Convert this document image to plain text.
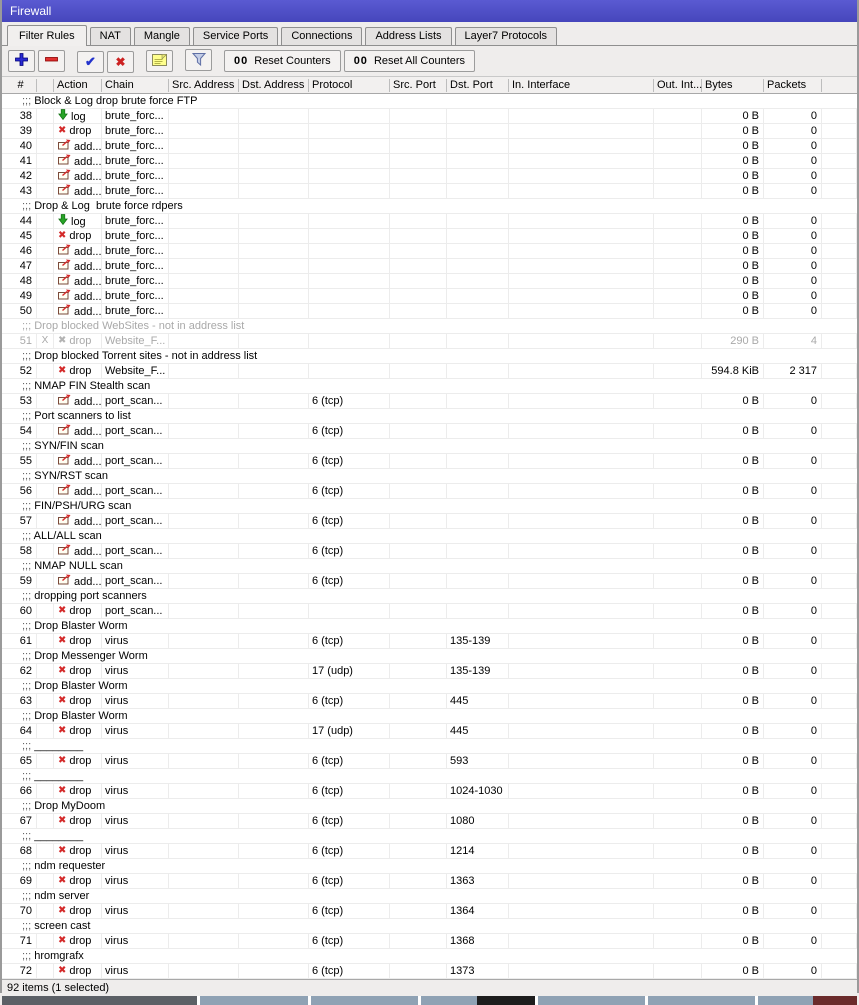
Firewall
Filter Rules	NAT	Mangle	Service Ports	Connections	Address Lists	Layer7 Protocols
✔ ✖	00 Reset Counters 00 Reset All Counters
#	Action	Chain	Src. Address Dst. Address Protocol	Src. Port	Dst. Port	In. Interface	Out. Int... Bytes	Packets
;;; Block & Log drop brute force FTP
38	log brute_forc...	0 B	0
39	✖ drop brute_forc...	0 B	0
40	add... brute_forc...	0 B	0
41	add... brute_forc...	0 B	0
42	add... brute_forc...	0 B	0
43	add... brute_forc...	0 B	0
;;; Drop & Log  brute force rdpers
44	log brute_forc...	0 B	0
45	✖ drop brute_forc...	0 B	0
46	add... brute_forc...	0 B	0
47	add... brute_forc...	0 B	0
48	add... brute_forc...	0 B	0
49	add... brute_forc...	0 B	0
50	add... brute_forc...	0 B	0
;;; Drop blocked WebSites - not in address list
51 X ✖ drop Website_F...	290 B	4
;;; Drop blocked Torrent sites - not in address list
52	✖ drop Website_F...	594.8 KiB	2 317
;;; NMAP FIN Stealth scan
53	add... port_scan...	6 (tcp)	0 B	0
;;; Port scanners to list
54	add... port_scan...	6 (tcp)	0 B	0
;;; SYN/FIN scan
55	add... port_scan...	6 (tcp)	0 B	0
;;; SYN/RST scan
56	add... port_scan...	6 (tcp)	0 B	0
;;; FIN/PSH/URG scan
57	add... port_scan...	6 (tcp)	0 B	0
;;; ALL/ALL scan
58	add... port_scan...	6 (tcp)	0 B	0
;;; NMAP NULL scan
59	add... port_scan...	6 (tcp)	0 B	0
;;; dropping port scanners
60	✖ drop port_scan...	0 B	0
;;; Drop Blaster Worm
61	✖ drop virus	6 (tcp)	135-139	0 B	0
;;; Drop Messenger Worm
62	✖ drop virus	17 (udp)	135-139	0 B	0
;;; Drop Blaster Worm
63	✖ drop virus	6 (tcp)	445	0 B	0
;;; Drop Blaster Worm
64	✖ drop virus	17 (udp)	445	0 B	0
;;; ________
65	✖ drop virus	6 (tcp)	593	0 B	0
;;; ________
66	✖ drop virus	6 (tcp)	1024-1030	0 B	0
;;; Drop MyDoom
67	✖ drop virus	6 (tcp)	1080	0 B	0
;;; ________
68	✖ drop virus	6 (tcp)	1214	0 B	0
;;; ndm requester
69	✖ drop virus	6 (tcp)	1363	0 B	0
;;; ndm server
70	✖ drop virus	6 (tcp)	1364	0 B	0
;;; screen cast
71	✖ drop virus	6 (tcp)	1368	0 B	0
;;; hromgrafx
72	✖ drop virus	6 (tcp)	1373	0 B	0
92 items (1 selected)
